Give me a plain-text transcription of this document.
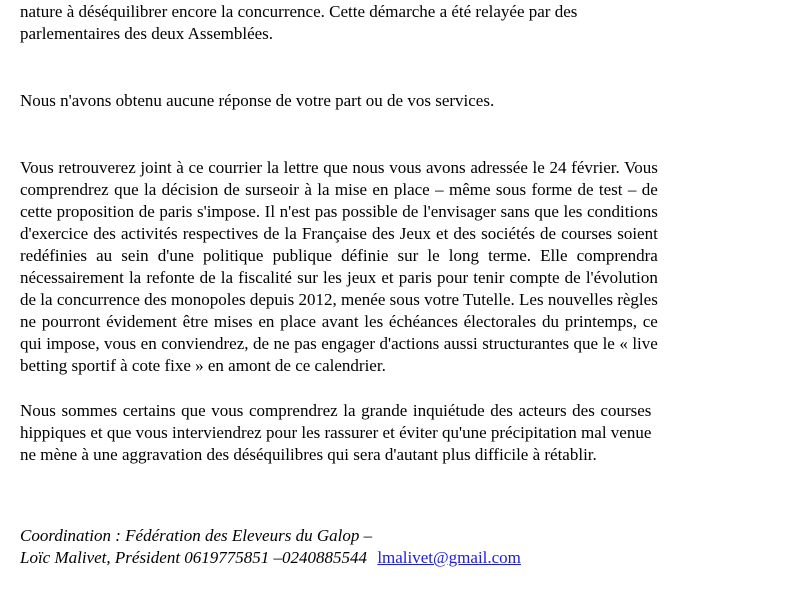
nature à déséquilibrer encore la concurrence. Cette démarche a été relayée par des
parlementaires des deux Assemblées.

Nous n'avons obtenu aucune réponse de votre part ou de vos services.

Vous retrouverez joint à ce courrier la lettre que nous vous avons adressée le 24 février. Vous
comprendrez que la décision de surseoir à la mise en place – même sous forme de test – de
cette proposition de paris s'impose. Il n'est pas possible de l'envisager sans que les conditions
d'exercice des activités respectives de la Française des Jeux et des sociétés de courses soient
redéfinies au sein d'une politique publique définie sur le long terme. Elle comprendra
nécessairement la refonte de la fiscalité sur les jeux et paris pour tenir compte de l'évolution
de la concurrence des monopoles depuis 2012, menée sous votre Tutelle. Les nouvelles règles
ne pourront évidement être mises en place avant les échéances électorales du printemps, ce
qui impose, vous en conviendrez, de ne pas engager d'actions aussi structurantes que le « live
betting sportif à cote fixe » en amont de ce calendrier.

Nous sommes certains que vous comprendrez la grande inquiétude des acteurs des courses
hippiques et que vous interviendrez pour les rassurer et éviter qu'une précipitation mal venue
ne mène à une aggravation des déséquilibres qui sera d'autant plus difficile à rétablir.

Coordination : Fédération des Eleveurs du Galop –
Loïc Malivet, Président 0619775851 –0240885544 lmalivet@gmail.com
